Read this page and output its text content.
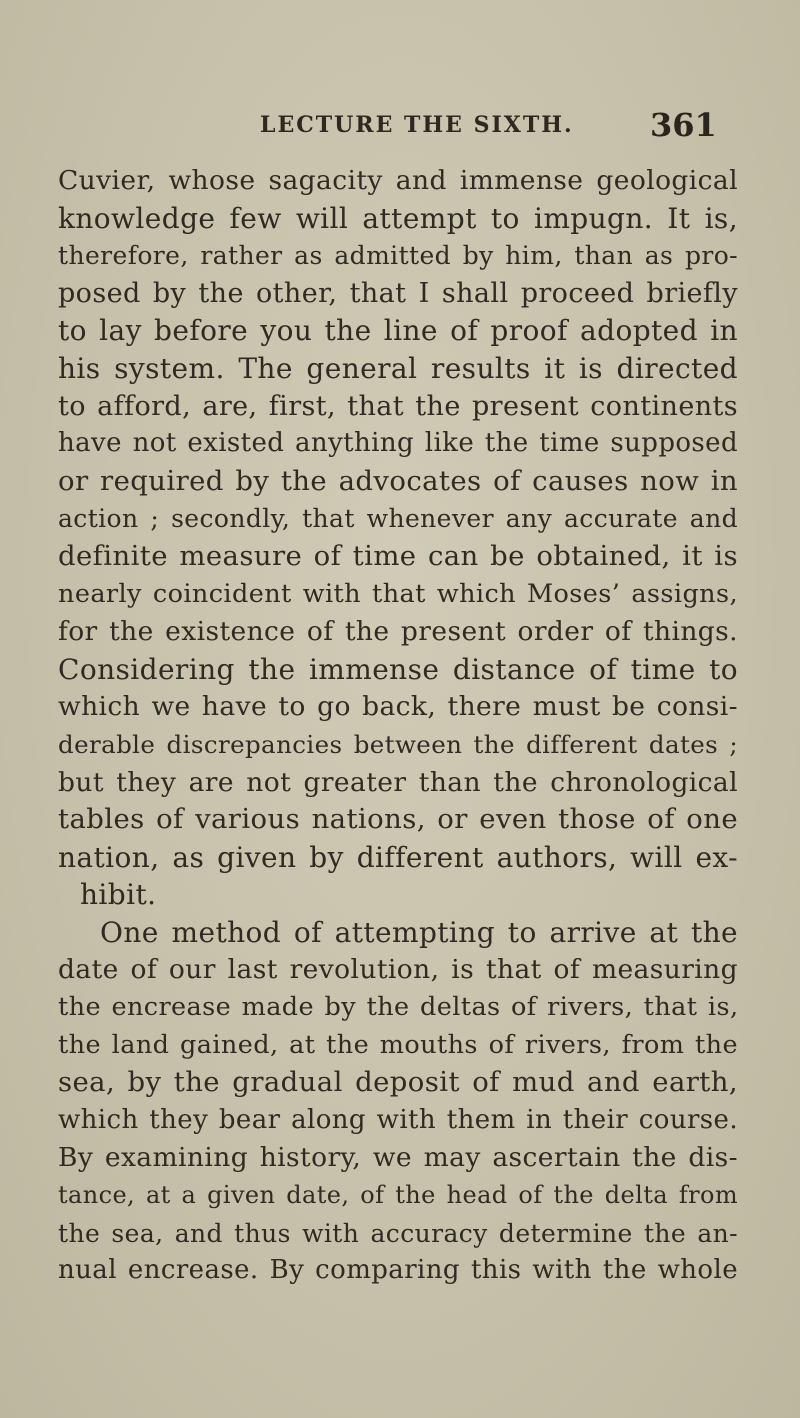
LECTURE THE SIXTH. 361
Cuvier, whose sagacity and immense geological
knowledge few will attempt to impugn. It is,
therefore, rather as admitted by him, than as pro-
posed by the other, that I shall proceed briefly
to lay before you the line of proof adopted in
his system. The general results it is directed
to afford, are, first, that the present continents
have not existed anything like the time supposed
or required by the advocates of causes now in
action ; secondly, that whenever any accurate and
definite measure of time can be obtained, it is
nearly coincident with that which Moses’ assigns,
for the existence of the present order of things.
Considering the immense distance of time to
which we have to go back, there must be consi-
derable discrepancies between the different dates ;
but they are not greater than the chronological
tables of various nations, or even those of one
nation, as given by different authors, will ex-
hibit.
One method of attempting to arrive at the
date of our last revolution, is that of measuring
the encrease made by the deltas of rivers, that is,
the land gained, at the mouths of rivers, from the
sea, by the gradual deposit of mud and earth,
which they bear along with them in their course.
By examining history, we may ascertain the dis-
tance, at a given date, of the head of the delta from
the sea, and thus with accuracy determine the an-
nual encrease. By comparing this with the whole
